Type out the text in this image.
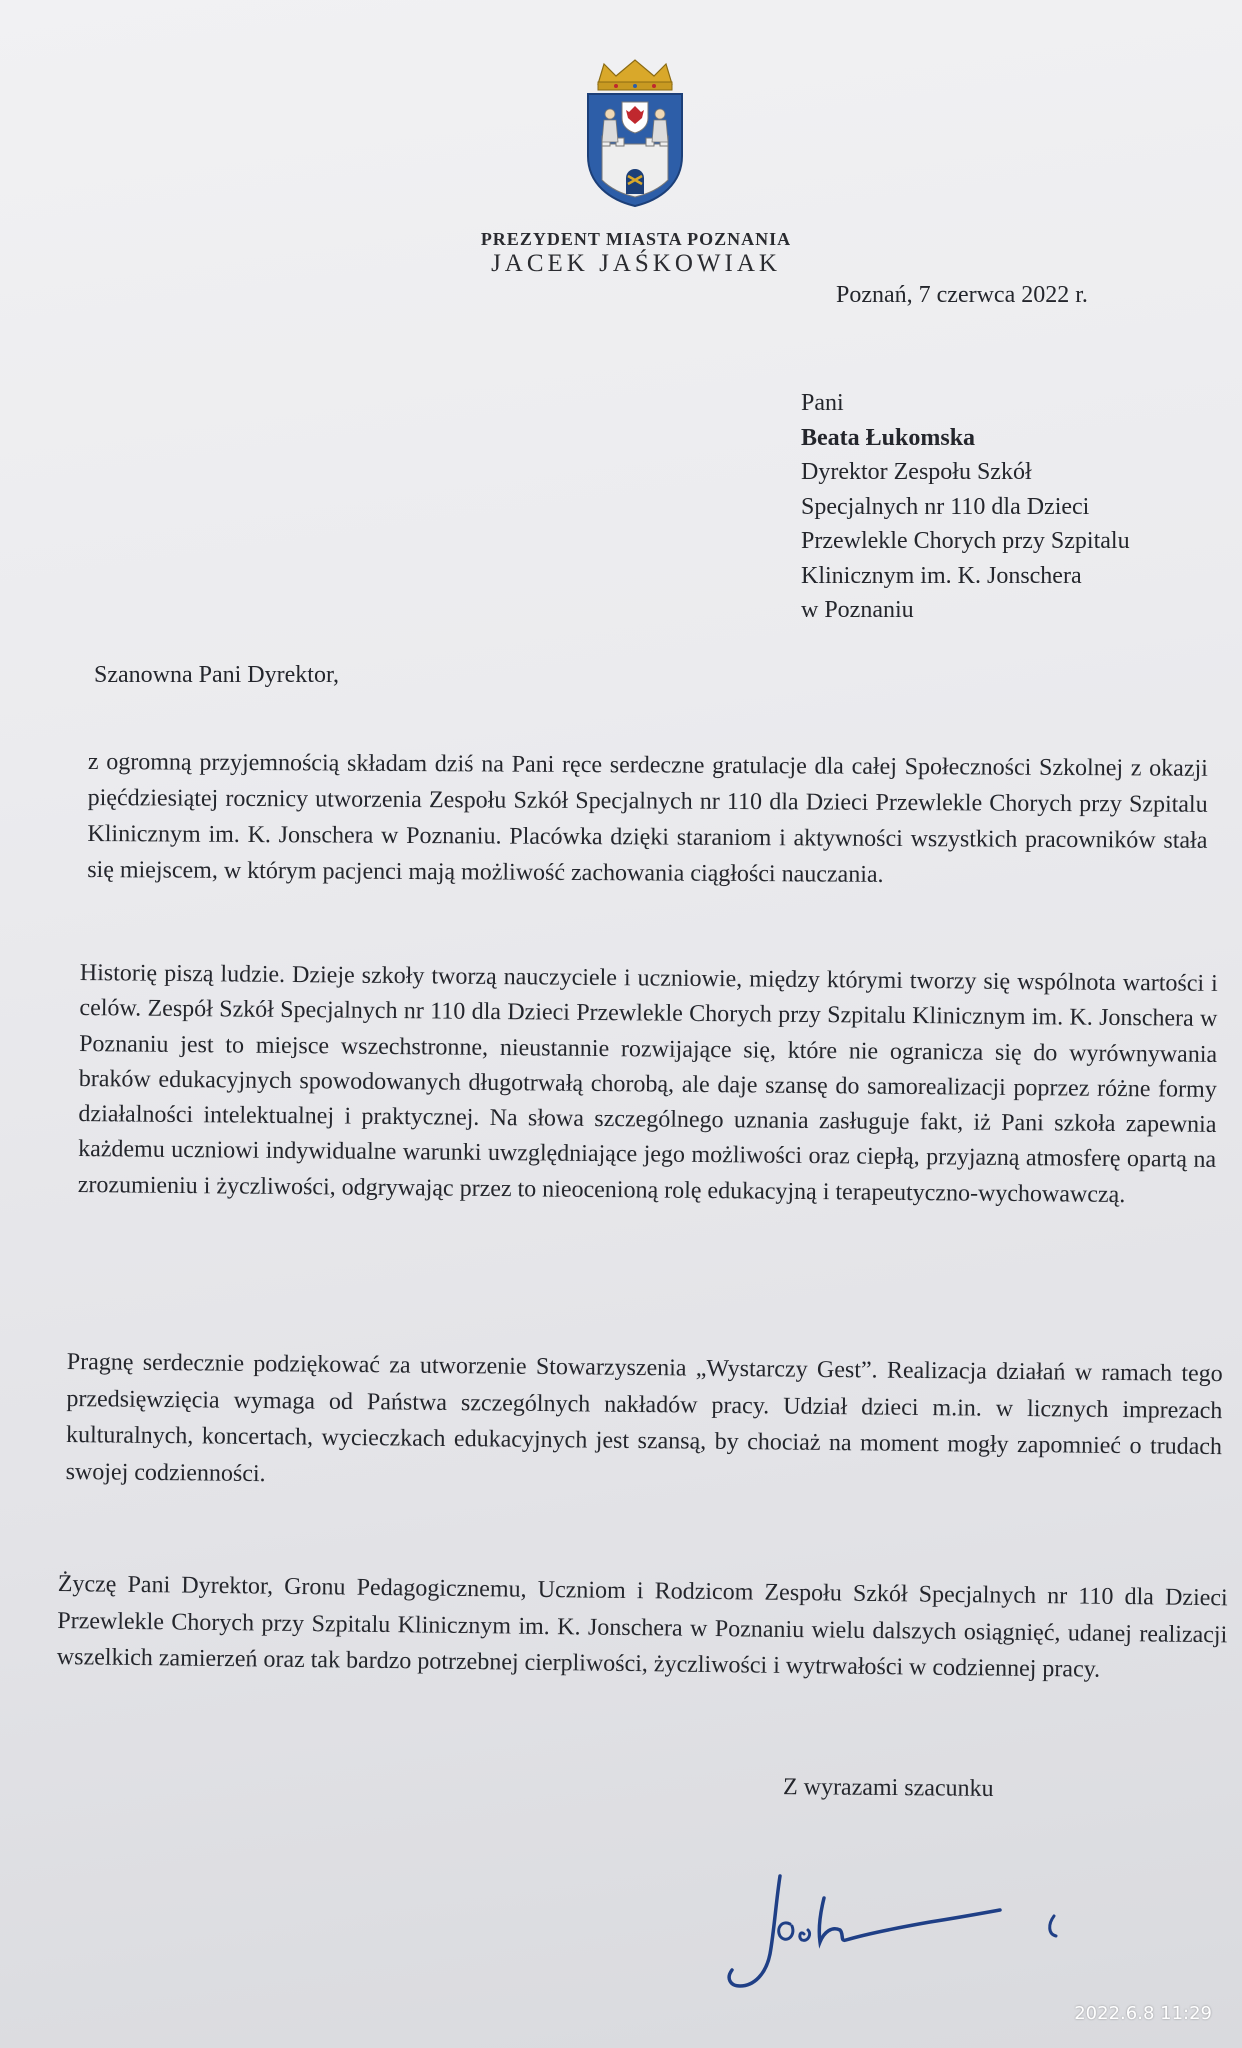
PREZYDENT MIASTA POZNANIA
JACEK JAŚKOWIAK
Poznań, 7 czerwca 2022 r.
Pani
Beata Łukomska
Dyrektor Zespołu Szkół
Specjalnych nr 110 dla Dzieci
Przewlekle Chorych przy Szpitalu
Klinicznym im. K. Jonschera
w Poznaniu
Szanowna Pani Dyrektor,
z ogromną przyjemnością składam dziś na Pani ręce serdeczne gratulacje dla całej Społeczności Szkolnej z okazji pięćdziesiątej rocznicy utworzenia Zespołu Szkół Specjalnych nr 110 dla Dzieci Przewlekle Chorych przy Szpitalu Klinicznym im. K. Jonschera w Poznaniu. Placówka dzięki staraniom i aktywności wszystkich pracowników stała się miejscem, w którym pacjenci mają możliwość zachowania ciągłości nauczania.
Historię piszą ludzie. Dzieje szkoły tworzą nauczyciele i uczniowie, między którymi tworzy się wspólnota wartości i celów. Zespół Szkół Specjalnych nr 110 dla Dzieci Przewlekle Chorych przy Szpitalu Klinicznym im. K. Jonschera w Poznaniu jest to miejsce wszechstronne, nieustannie rozwijające się, które nie ogranicza się do wyrównywania braków edukacyjnych spowodowanych długotrwałą chorobą, ale daje szansę do samorealizacji poprzez różne formy działalności intelektualnej i praktycznej. Na słowa szczególnego uznania zasługuje fakt, iż Pani szkoła zapewnia każdemu uczniowi indywidualne warunki uwzględniające jego możliwości oraz ciepłą, przyjazną atmosferę opartą na zrozumieniu i życzliwości, odgrywając przez to nieocenioną rolę edukacyjną i terapeutyczno-wychowawczą.
Pragnę serdecznie podziękować za utworzenie Stowarzyszenia „Wystarczy Gest”. Realizacja działań w ramach tego przedsięwzięcia wymaga od Państwa szczególnych nakładów pracy. Udział dzieci m.in. w licznych imprezach kulturalnych, koncertach, wycieczkach edukacyjnych jest szansą, by chociaż na moment mogły zapomnieć o trudach swojej codzienności.
Życzę Pani Dyrektor, Gronu Pedagogicznemu, Uczniom i Rodzicom Zespołu Szkół Specjalnych nr 110 dla Dzieci Przewlekle Chorych przy Szpitalu Klinicznym im. K. Jonschera w Poznaniu wielu dalszych osiągnięć, udanej realizacji wszelkich zamierzeń oraz tak bardzo potrzebnej cierpliwości, życzliwości i wytrwałości w codziennej pracy.
Z wyrazami szacunku
2022.6.8 11:29
